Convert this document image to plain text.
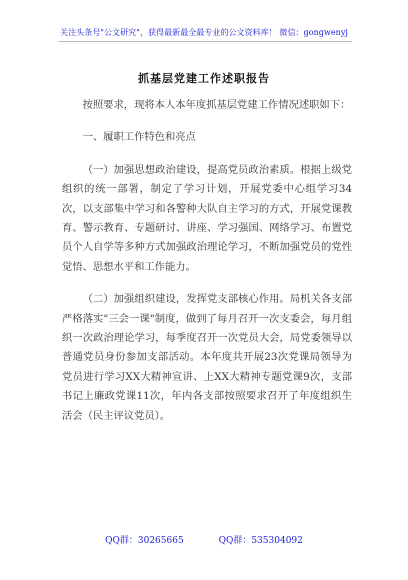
关注头条号"公文研究"，获得最新最全最专业的公文资料库！ 微信：gongwenyj
抓基层党建工作述职报告

按照要求，现将本人本年度抓基层党建工作情况述职如下：

一、履职工作特色和亮点

（一）加强思想政治建设，提高党员政治素质。根据上级党组织的统一部署，制定了学习计划，开展党委中心组学习34次，以支部集中学习和各警种大队自主学习的方式，开展党课教育、警示教育、专题研讨、讲座、学习强国、网络学习、布置党员个人自学等多种方式加强政治理论学习，不断加强党员的党性觉悟、思想水平和工作能力。

（二）加强组织建设，发挥党支部核心作用。局机关各支部严格落实"三会一课"制度，做到了每月召开一次支委会，每月组织一次政治理论学习，每季度召开一次党员大会，局党委领导以普通党员身份参加支部活动。本年度共开展23次党课局领导为党员进行学习XX大精神宣讲、上XX大精神专题党课9次，支部书记上廉政党课11次，年内各支部按照要求召开了年度组织生活会（民主评议党员）。

QQ群：30265665	QQ群：535304092
